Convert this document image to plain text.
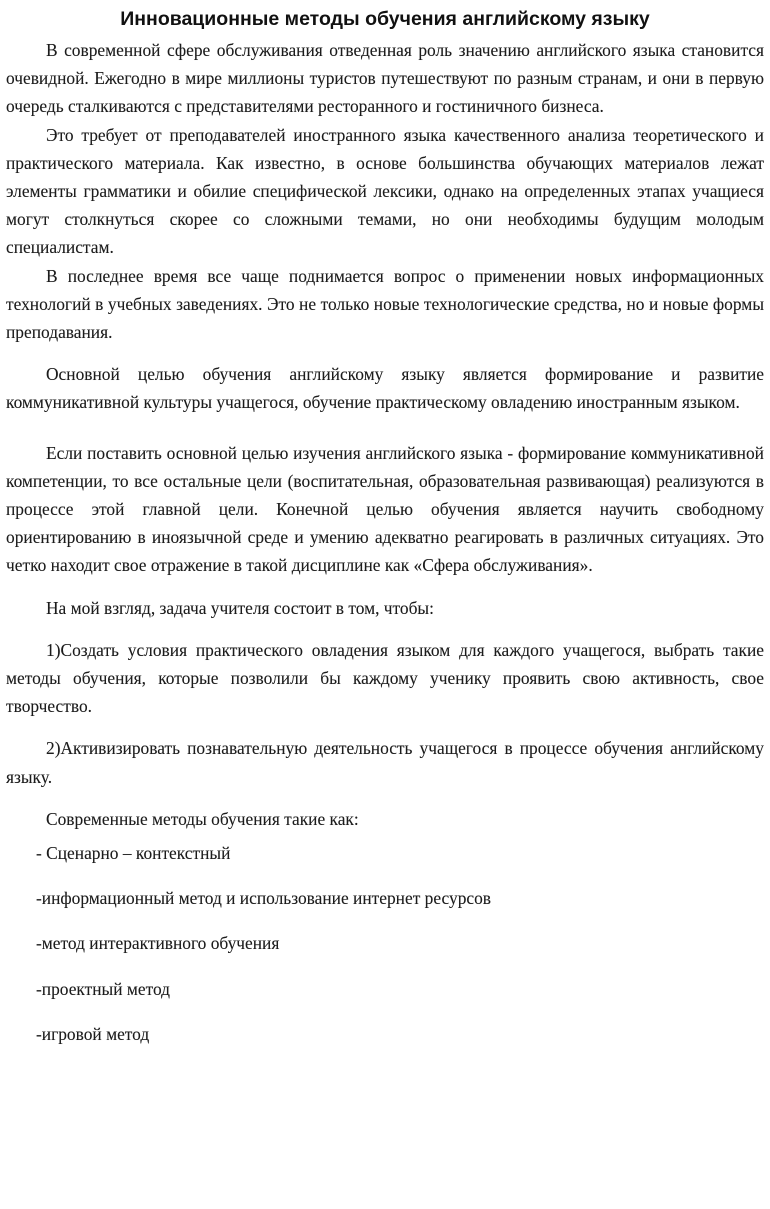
Инновационные методы обучения английскому языку

В современной сфере обслуживания отведенная роль значению английского языка становится очевидной. Ежегодно в мире миллионы туристов путешествуют по разным странам, и они в первую очередь сталкиваются с представителями ресторанного и гостиничного бизнеса.

Это требует от преподавателей иностранного языка качественного анализа теоретического и практического материала. Как известно, в основе большинства обучающих материалов лежат элементы грамматики и обилие специфической лексики, однако на определенных этапах учащиеся могут столкнуться скорее со сложными темами, но они необходимы будущим молодым специалистам.

В последнее время все чаще поднимается вопрос о применении новых информационных технологий в учебных заведениях. Это не только новые технологические средства, но и новые формы преподавания.

Основной целью обучения английскому языку является формирование и развитие коммуникативной культуры учащегося, обучение практическому овладению иностранным языком.

Если поставить основной целью изучения английского языка - формирование коммуникативной компетенции, то все остальные цели (воспитательная, образовательная развивающая) реализуются в процессе этой главной цели. Конечной целью обучения является научить свободному ориентированию в иноязычной среде и умению адекватно реагировать в различных ситуациях. Это четко находит свое отражение в такой дисциплине как «Сфера обслуживания».

На мой взгляд, задача учителя состоит в том, чтобы:

1)Создать условия практического овладения языком для каждого учащегося, выбрать такие методы обучения, которые позволили бы каждому ученику проявить свою активность, свое творчество.

2)Активизировать познавательную деятельность учащегося в процессе обучения английскому языку.

Современные методы обучения такие как:

- Сценарно – контекстный

-информационный метод и использование интернет ресурсов

-метод интерактивного обучения

-проектный метод

-игровой метод
